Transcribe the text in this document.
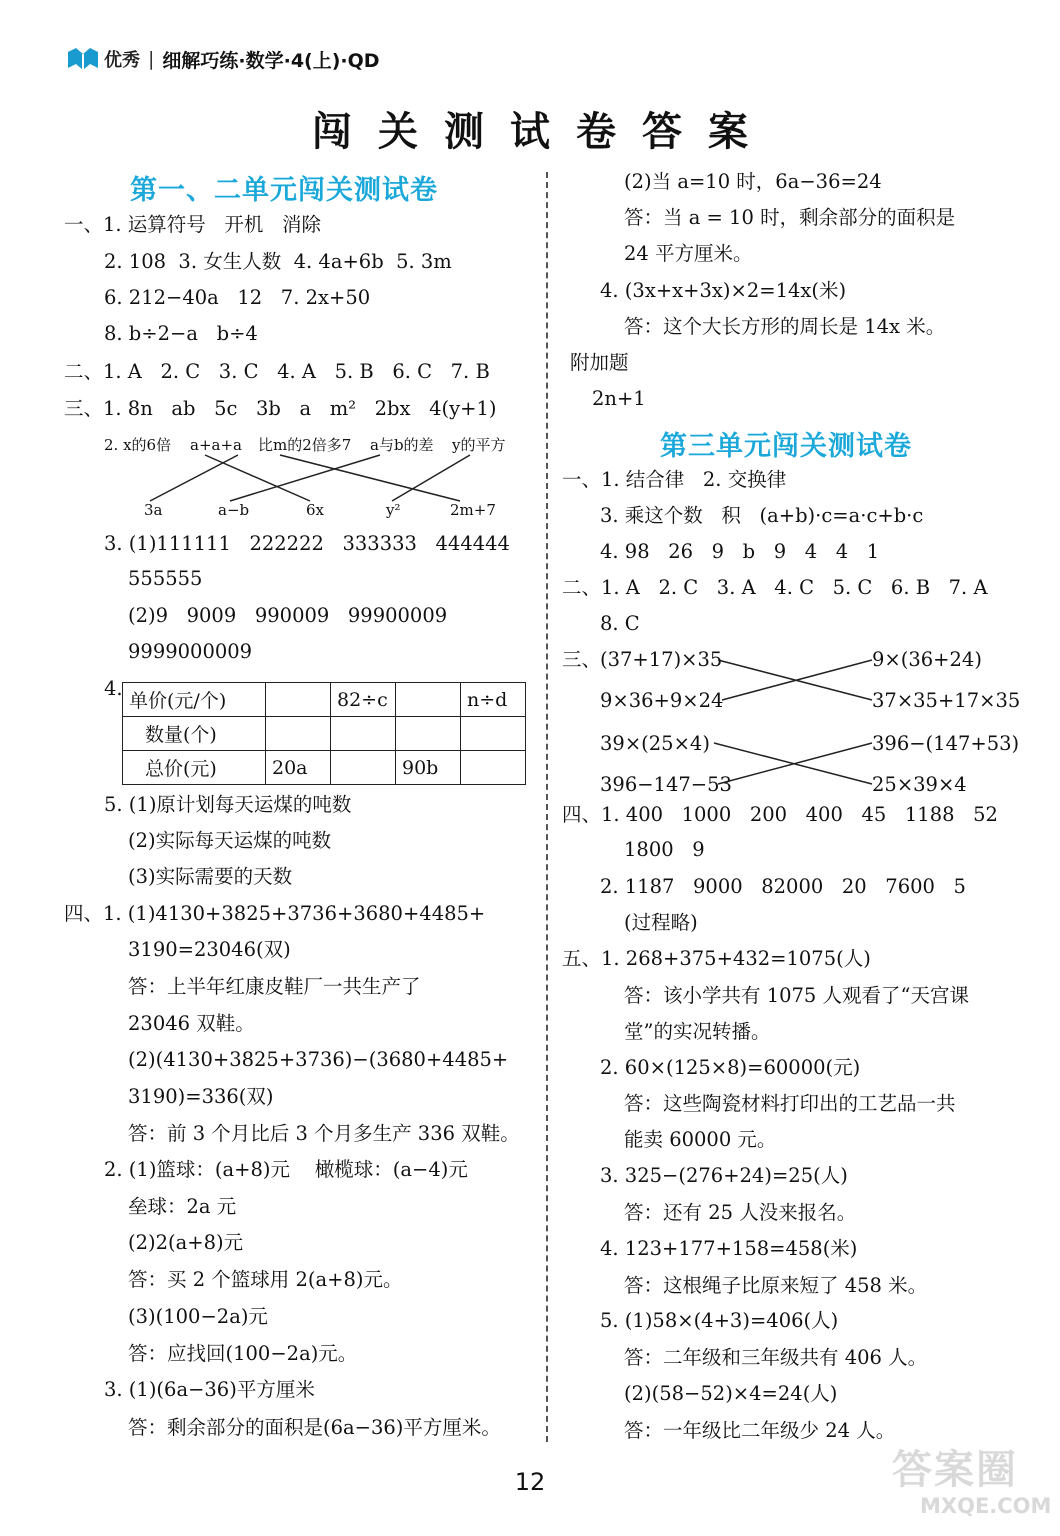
优秀 | 细解巧练·数学·4(上)·QD
闯关测试卷答案
第一、二单元闯关测试卷
第三单元闯关测试卷
一、1. 运算符号   开机   消除
2. 108  3. 女生人数  4. 4a+6b  5. 3m
6. 212−40a   12   7. 2x+50
8. b÷2−a   b÷4
二、1. A   2. C   3. C   4. A   5. B   6. C   7. B
三、1. 8n   ab   5c   3b   a   m²   2bx   4(y+1)
3. (1)111111   222222   333333   444444
555555
(2)9   9009   990009   99900009
9999000009
4.
5. (1)原计划每天运煤的吨数
(2)实际每天运煤的吨数
(3)实际需要的天数
四、1. (1)4130+3825+3736+3680+4485+
3190=23046(双)
答：上半年红康皮鞋厂一共生产了
23046 双鞋。
(2)(4130+3825+3736)−(3680+4485+
3190)=336(双)
答：前 3 个月比后 3 个月多生产 336 双鞋。
2. (1)篮球：(a+8)元    橄榄球：(a−4)元
垒球：2a 元
(2)2(a+8)元
答：买 2 个篮球用 2(a+8)元。
(3)(100−2a)元
答：应找回(100−2a)元。
3. (1)(6a−36)平方厘米
答：剩余部分的面积是(6a−36)平方厘米。
(2)当 a=10 时，6a−36=24
答：当 a = 10 时，剩余部分的面积是
24 平方厘米。
4. (3x+x+3x)×2=14x(米)
答：这个大长方形的周长是 14x 米。
附加题
2n+1
一、1. 结合律   2. 交换律
3. 乘这个数   积   (a+b)·c=a·c+b·c
4. 98   26   9   b   9   4   4   1
二、1. A   2. C   3. A   4. C   5. C   6. B   7. A
8. C
四、1. 400   1000   200   400   45   1188   52
1800   9
2. 1187   9000   82000   20   7600   5
(过程略)
五、1. 268+375+432=1075(人)
答：该小学共有 1075 人观看了“天宫课
堂”的实况转播。
2. 60×(125×8)=60000(元)
答：这些陶瓷材料打印出的工艺品一共
能卖 60000 元。
3. 325−(276+24)=25(人)
答：还有 25 人没来报名。
4. 123+177+158=458(米)
答：这根绳子比原来短了 458 米。
5. (1)58×(4+3)=406(人)
答：二年级和三年级共有 406 人。
(2)(58−52)×4=24(人)
答：一年级比二年级少 24 人。
2. x的6倍 a+a+a 比m的2倍多7 a与b的差 y的平方
3a	a−b	6x	y²	2m+7
单价(元/个)		82÷c		n÷d
数量(个)				
总价(元)	20a		90b	
三、
(37+17)×35
9×36+9×24
39×(25×4)
396−147−53
9×(36+24)
37×35+17×35
396−(147+53)
25×39×4
12	答案圈
MXQE.COM
